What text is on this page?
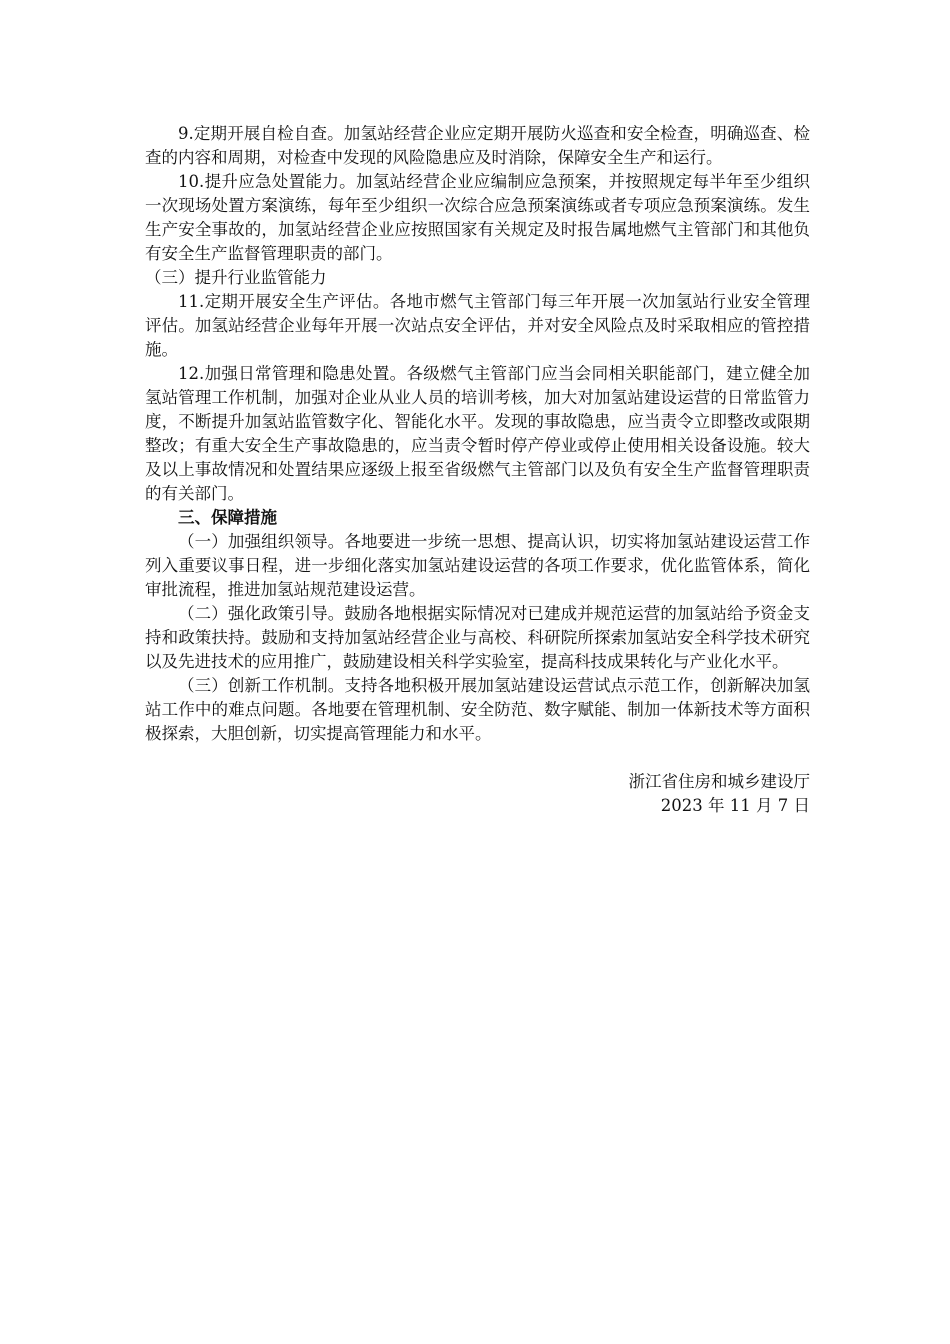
9.定期开展自检自查。加氢站经营企业应定期开展防火巡查和安全检查，明确巡查、检查的内容和周期，对检查中发现的风险隐患应及时消除，保障安全生产和运行。

10.提升应急处置能力。加氢站经营企业应编制应急预案，并按照规定每半年至少组织一次现场处置方案演练，每年至少组织一次综合应急预案演练或者专项应急预案演练。发生生产安全事故的，加氢站经营企业应按照国家有关规定及时报告属地燃气主管部门和其他负有安全生产监督管理职责的部门。

（三）提升行业监管能力

11.定期开展安全生产评估。各地市燃气主管部门每三年开展一次加氢站行业安全管理评估。加氢站经营企业每年开展一次站点安全评估，并对安全风险点及时采取相应的管控措施。

12.加强日常管理和隐患处置。各级燃气主管部门应当会同相关职能部门，建立健全加氢站管理工作机制，加强对企业从业人员的培训考核，加大对加氢站建设运营的日常监管力度，不断提升加氢站监管数字化、智能化水平。发现的事故隐患，应当责令立即整改或限期整改；有重大安全生产事故隐患的，应当责令暂时停产停业或停止使用相关设备设施。较大及以上事故情况和处置结果应逐级上报至省级燃气主管部门以及负有安全生产监督管理职责的有关部门。

三、保障措施

（一）加强组织领导。各地要进一步统一思想、提高认识，切实将加氢站建设运营工作列入重要议事日程，进一步细化落实加氢站建设运营的各项工作要求，优化监管体系，简化审批流程，推进加氢站规范建设运营。

（二）强化政策引导。鼓励各地根据实际情况对已建成并规范运营的加氢站给予资金支持和政策扶持。鼓励和支持加氢站经营企业与高校、科研院所探索加氢站安全科学技术研究以及先进技术的应用推广，鼓励建设相关科学实验室，提高科技成果转化与产业化水平。

（三）创新工作机制。支持各地积极开展加氢站建设运营试点示范工作，创新解决加氢站工作中的难点问题。各地要在管理机制、安全防范、数字赋能、制加一体新技术等方面积极探索，大胆创新，切实提高管理能力和水平。

浙江省住房和城乡建设厅
2023 年 11 月 7 日
